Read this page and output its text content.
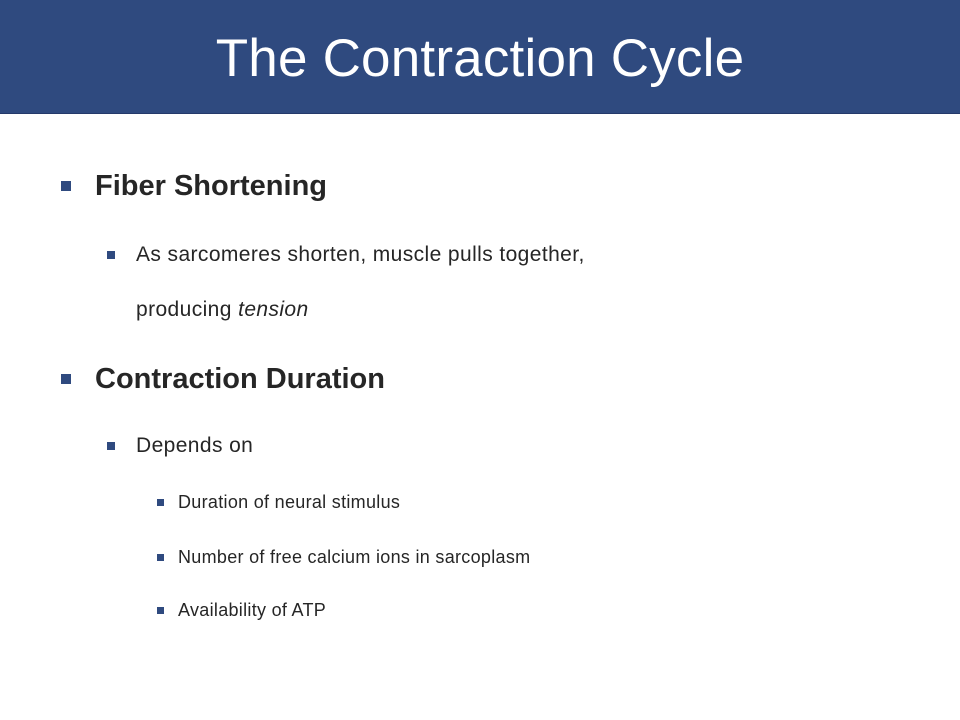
The Contraction Cycle
Fiber Shortening
As sarcomeres shorten, muscle pulls together,
producing tension
Contraction Duration
Depends on
Duration of neural stimulus
Number of free calcium ions in sarcoplasm
Availability of ATP
